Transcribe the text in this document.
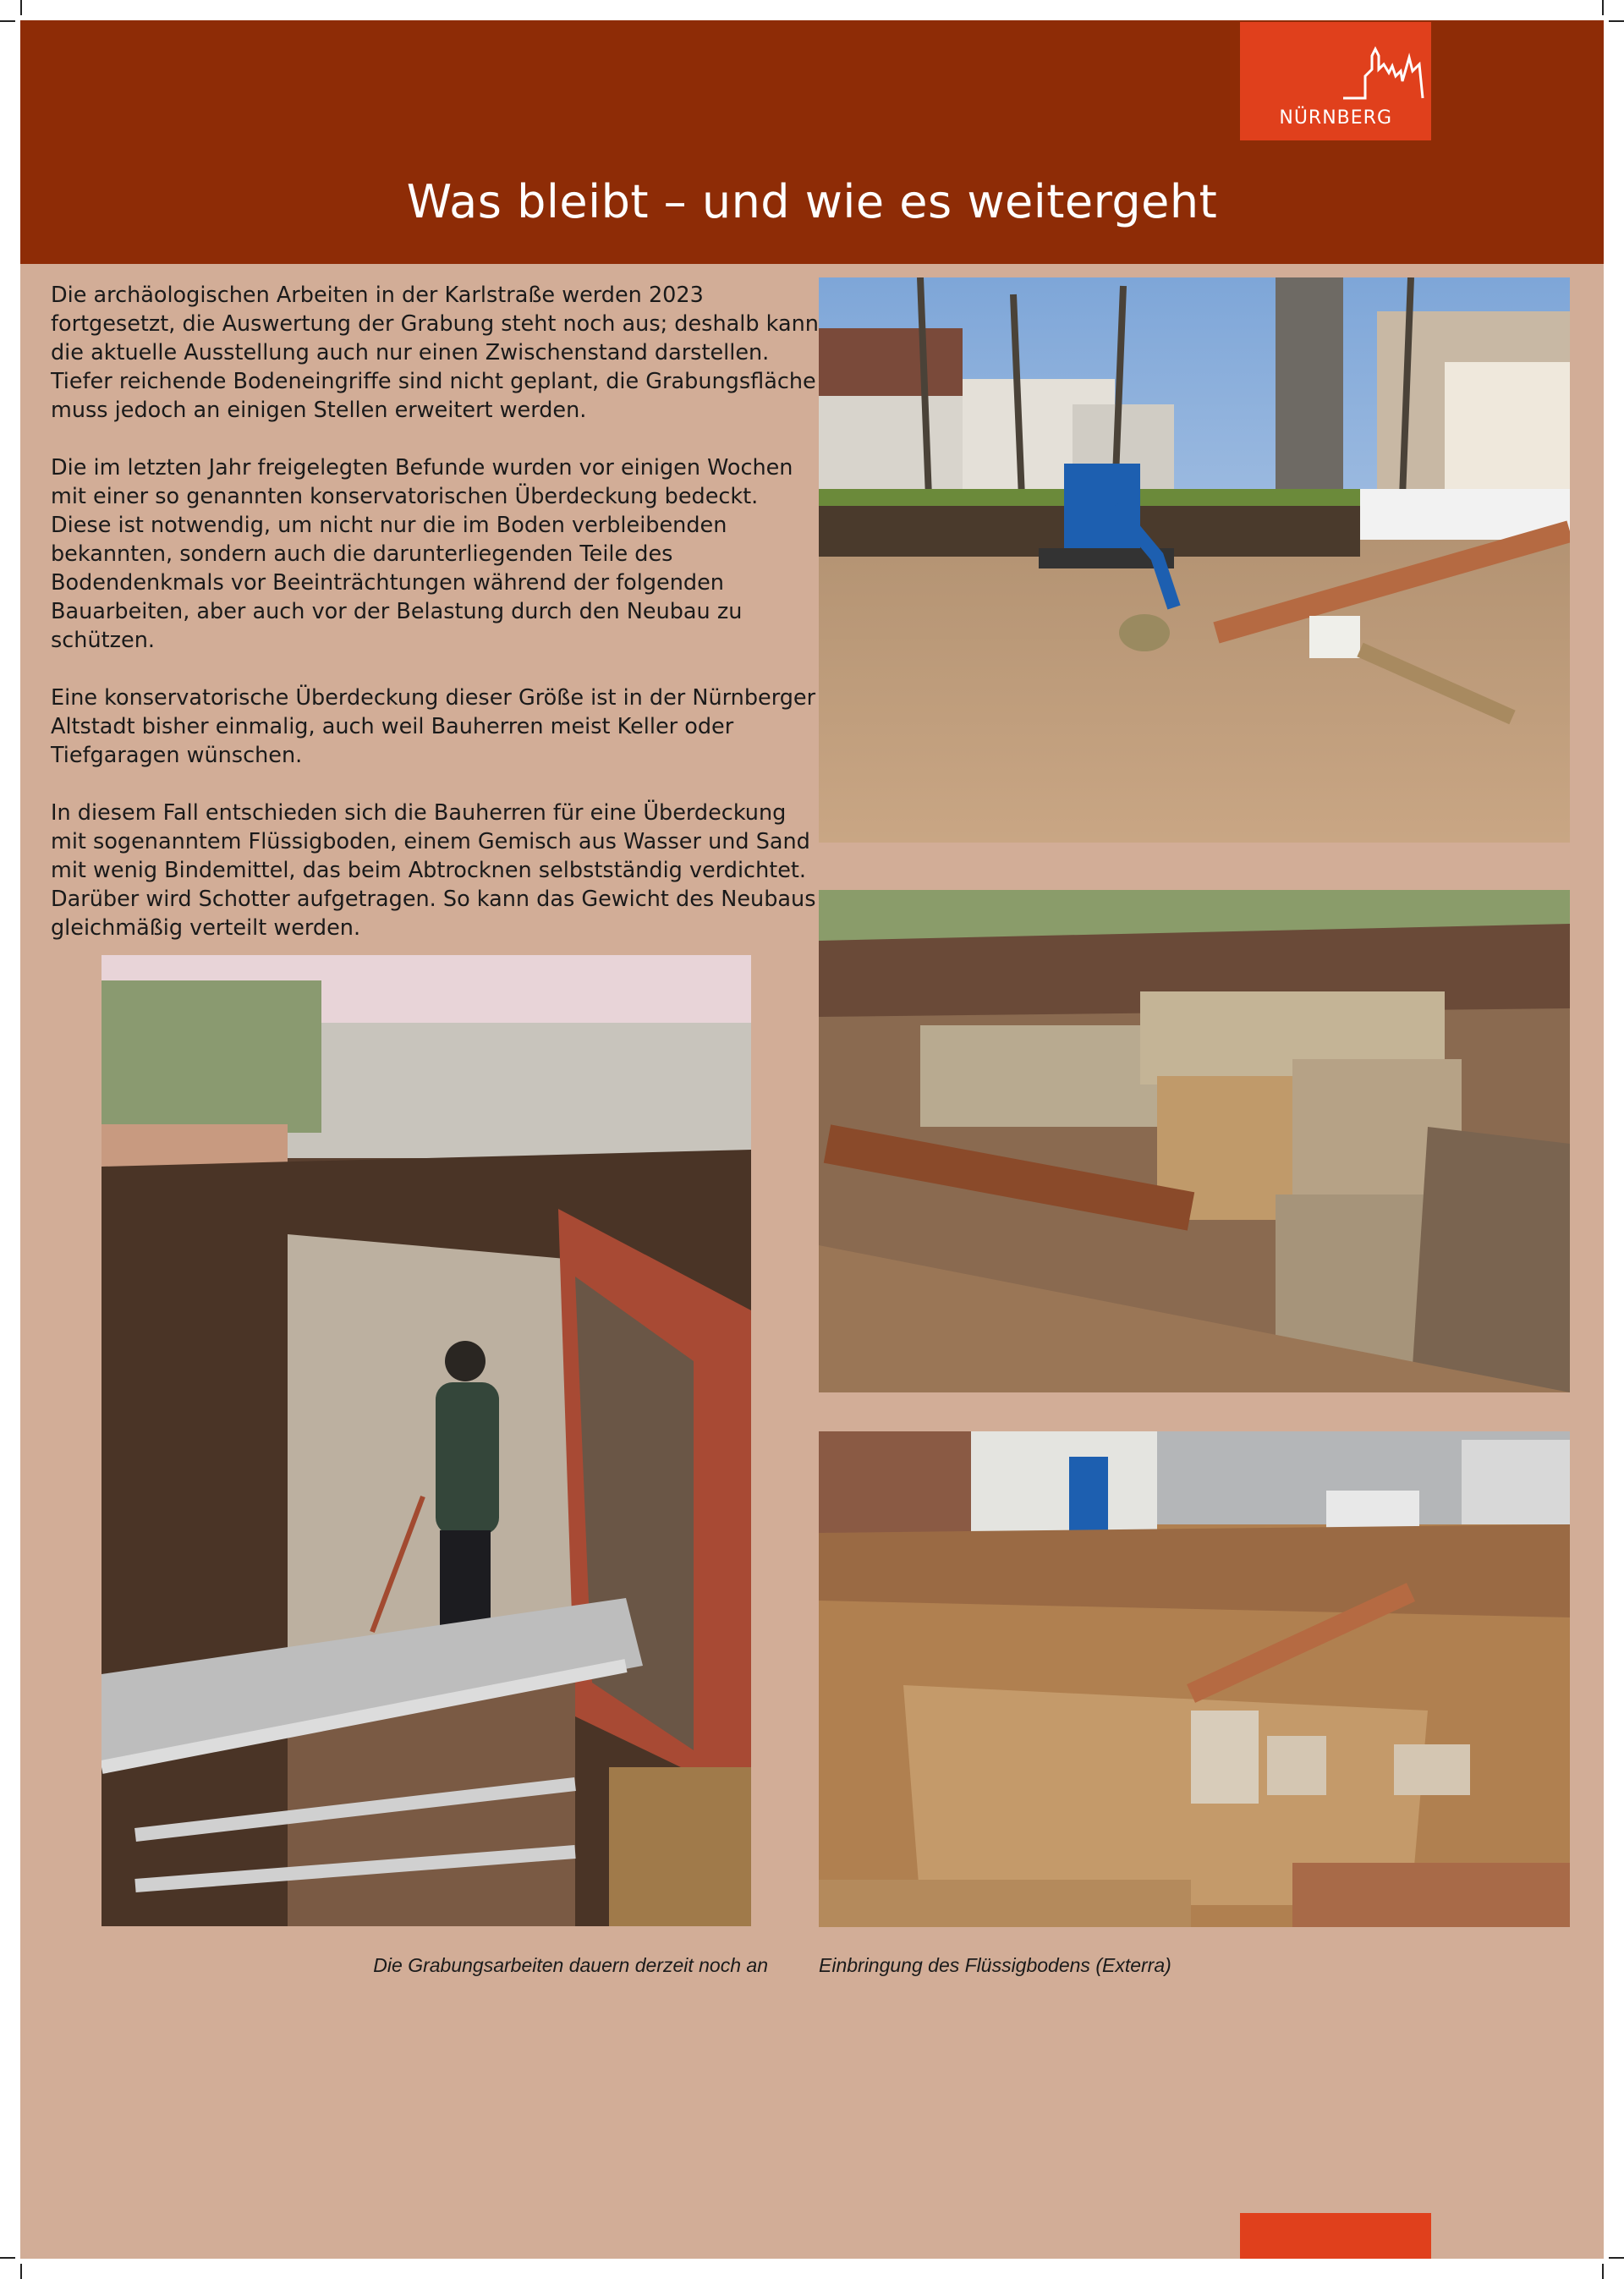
NÜRNBERG
Was bleibt – und wie es weitergeht

Die archäologischen Arbeiten in der Karlstraße werden 2023 fortgesetzt, die Auswertung der Grabung steht noch aus; deshalb kann die aktuelle Ausstellung auch nur einen Zwischenstand darstellen. Tiefer reichende Bodeneingriffe sind nicht geplant, die Grabungsfläche muss jedoch an einigen Stellen erweitert werden.

Die im letzten Jahr freigelegten Befunde wurden vor einigen Wochen mit einer so genannten konservatorischen Überdeckung bedeckt. Diese ist notwendig, um nicht nur die im Boden verbleibenden bekannten, sondern auch die darunterliegenden Teile des Bodendenkmals vor Beeinträchtungen während der folgenden Bauarbeiten, aber auch vor der Belastung durch den Neubau zu schützen.

Eine konservatorische Überdeckung dieser Größe ist in der Nürnberger Altstadt bisher einmalig, auch weil Bauherren meist Keller oder Tiefgaragen wünschen.

In diesem Fall entschieden sich die Bauherren für eine Überdeckung mit sogenanntem Flüssigboden, einem Gemisch aus Wasser und Sand mit wenig Bindemittel, das beim Abtrocknen selbstständig verdichtet. Darüber wird Schotter aufgetragen. So kann das Gewicht des Neubaus gleichmäßig verteilt werden.

Die Grabungsarbeiten dauern derzeit noch an	Einbringung des Flüssigbodens (Exterra)
